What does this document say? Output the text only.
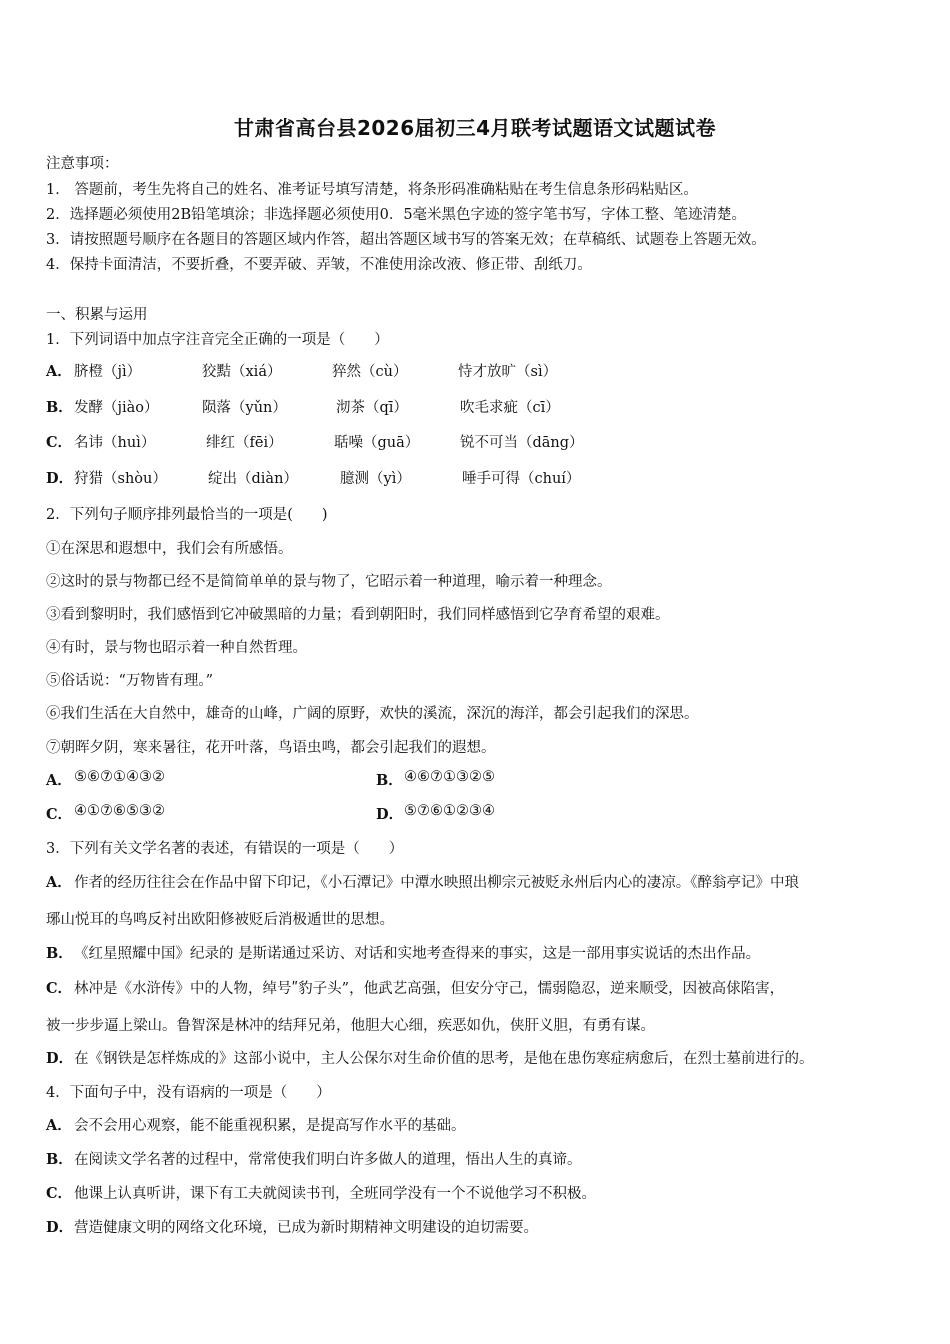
甘肃省高台县2026届初三4月联考试题语文试题试卷
注意事项：
1． 答题前，考生先将自己的姓名、准考证号填写清楚，将条形码准确粘贴在考生信息条形码粘贴区。
2．选择题必须使用2B铅笔填涂；非选择题必须使用0．5毫米黑色字迹的签字笔书写，字体工整、笔迹清楚。
3．请按照题号顺序在各题目的答题区域内作答，超出答题区域书写的答案无效；在草稿纸、试题卷上答题无效。
4．保持卡面清洁，不要折叠，不要弄破、弄皱，不准使用涂改液、修正带、刮纸刀。
一、积累与运用
1．下列词语中加点字注音完全正确的一项是（　　）
A． 脐橙（jì）	狡黠（xiá）	猝然（cù）	恃才放旷（sì）
B． 发酵（jiào）	陨落（yǔn）	沏茶（qī）	吹毛求疵（cī）
C． 名讳（huì）	绯红（fēi）	聒噪（guā）	锐不可当（dāng）
D． 狩猎（shòu）	绽出（diàn）	臆测（yì）	唾手可得（chuí）
2．下列句子顺序排列最恰当的一项是(　　)
①在深思和遐想中，我们会有所感悟。
②这时的景与物都已经不是简简单单的景与物了，它昭示着一种道理，喻示着一种理念。
③看到黎明时，我们感悟到它冲破黑暗的力量；看到朝阳时，我们同样感悟到它孕育希望的艰难。
④有时，景与物也昭示着一种自然哲理。
⑤俗话说：“万物皆有理。”
⑥我们生活在大自然中，雄奇的山峰，广阔的原野，欢快的溪流，深沉的海洋，都会引起我们的深思。
⑦朝晖夕阴，寒来暑往，花开叶落，鸟语虫鸣，都会引起我们的遐想。
A． ⑤⑥⑦①④③②	B． ④⑥⑦①③②⑤
C． ④①⑦⑥⑤③②	D． ⑤⑦⑥①②③④
3．下列有关文学名著的表述，有错误的一项是（　　）
A． 作者的经历往往会在作品中留下印记，《小石潭记》中潭水映照出柳宗元被贬永州后内心的凄凉。《醉翁亭记》中琅
琊山悦耳的鸟鸣反衬出欧阳修被贬后消极遁世的思想。
B． 《红星照耀中国》纪录的 是斯诺通过采访、对话和实地考查得来的事实，这是一部用事实说话的杰出作品。
C． 林冲是《水浒传》中的人物，绰号ʺ豹子头”，他武艺高强，但安分守己，懦弱隐忍，逆来顺受，因被高俅陷害，
被一步步逼上梁山。鲁智深是林冲的结拜兄弟，他胆大心细，疾恶如仇，侠肝义胆，有勇有谋。
D． 在《钢铁是怎样炼成的》这部小说中，主人公保尔对生命价值的思考，是他在患伤寒症病愈后，在烈士墓前进行的。
4．下面句子中，没有语病的一项是（　　）
A． 会不会用心观察，能不能重视积累，是提高写作水平的基础。
B． 在阅读文学名著的过程中，常常使我们明白许多做人的道理，悟出人生的真谛。
C． 他课上认真听讲，课下有工夫就阅读书刊，全班同学没有一个不说他学习不积极。
D． 营造健康文明的网络文化环境，已成为新时期精神文明建设的迫切需要。
